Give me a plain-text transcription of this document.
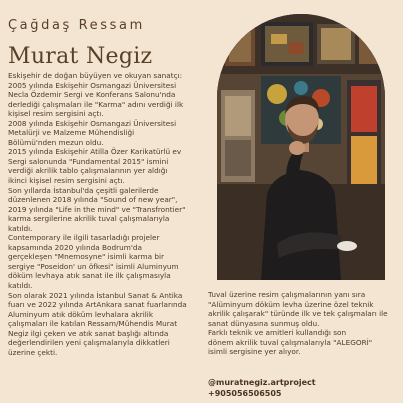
Çağdaş Ressam
Murat Negiz
Eskişehir de doğan büyüyen ve okuyan sanatçı:
2005 yılında Eskişehir Osmangazi Üniversitesi
Necla Özdemir Sergi ve Konferans Salonu'nda
derlediği çalışmaları ile "Karma" adını verdiği ilk
kişisel resim sergisini açtı.
2008 yılında Eskişehir Osmangazi Üniversitesi
Metalürji ve Malzeme Mühendisliği
Bölümü'nden mezun oldu.
2015 yılında Eskişehir Atilla Özer Karikatürlü ev
Sergi salonunda "Fundamental 2015" ismini
verdiği akrilik tablo çalışmalarının yer aldığı
ikinci kişisel resim sergisini açtı.
Son yıllarda İstanbul'da çeşitli galerilerde
düzenlenen 2018 yılında "Sound of new year",
2019 yılında "Life in the mind" ve "Transfrontier"
karma sergilerine akrilik tuval çalışmalarıyla
katıldı.
Contemporary ile ilgili tasarladığı projeler
kapsamında 2020 yılında Bodrum'da
gerçekleşen "Mnemosyne" isimli karma bir
sergiye "Poseidon' un öfkesi" isimli Aluminyum
döküm levhaya atık sanat ile ilk çalışmasıyla
katıldı.
Son olarak 2021 yılında İstanbul Sanat & Antika
fuarı ve 2022 yılında ArtAnkara sanat fuarlarında
Aluminyum atık döküm levhalara akrilik
çalışmaları ile katılan Ressam/Mühendis Murat
Negiz ilgi çeken ve atık sanat başlığı altında
değerlendirilen yeni çalışmalarıyla dikkatleri
üzerine çekti.
Tuval üzerine resim çalışmalarının yanı sıra
"Alüminyum döküm levha üzerine özel teknik
akrilik çalışarak" türünde ilk ve tek çalışmaları ile
sanat dünyasına sunmuş oldu.
Farklı teknik ve amitleri kullandığı son
dönem akrilik tuval çalışmalarıyla "ALEGORİ"
isimli sergisine yer alıyor.
@muratnegiz.artproject
+905056506505
